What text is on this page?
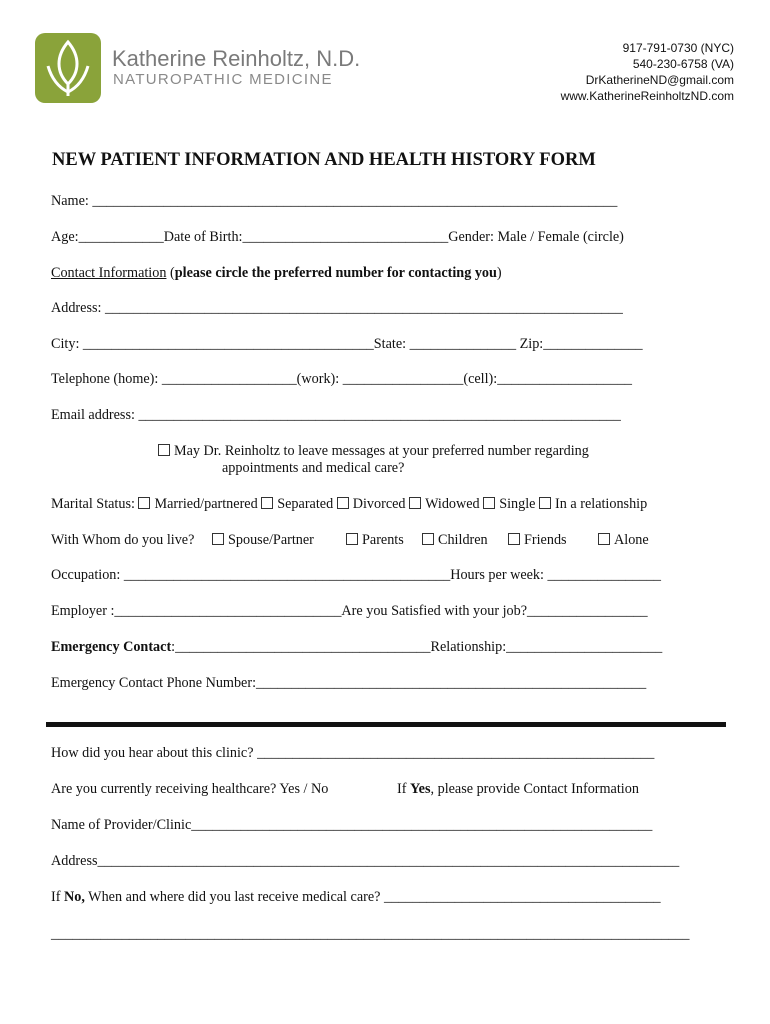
Katherine Reinholtz, N.D.
NATUROPATHIC MEDICINE
917-791-0730 (NYC)
540-230-6758 (VA)
DrKatherineND@gmail.com
www.KatherineReinholtzND.com
NEW PATIENT INFORMATION AND HEALTH HISTORY FORM
Name: __________________________________________________________________________
Age:____________Date of Birth:_____________________________Gender: Male / Female (circle)
Contact Information (please circle the preferred number for contacting you)
Address: _________________________________________________________________________
City: _________________________________________State: _______________ Zip:______________
Telephone (home): ___________________(work): _________________(cell):___________________
Email address: ____________________________________________________________________
May Dr. Reinholtz to leave messages at your preferred number regarding
appointments and medical care?
Marital Status: Married/partnered Separated Divorced Widowed Single In a relationship
With Whom do you live?	Spouse/Partner	Parents	Children	Friends	Alone
Occupation: ______________________________________________Hours per week: ________________
Employer :________________________________Are you Satisfied with your job?_________________
Emergency Contact:____________________________________Relationship:______________________
Emergency Contact Phone Number:_______________________________________________________
How did you hear about this clinic? ________________________________________________________
Are you currently receiving healthcare? Yes / No	If Yes, please provide Contact Information
Name of Provider/Clinic_________________________________________________________________
Address__________________________________________________________________________________
If No, When and where did you last receive medical care? _______________________________________
__________________________________________________________________________________________
